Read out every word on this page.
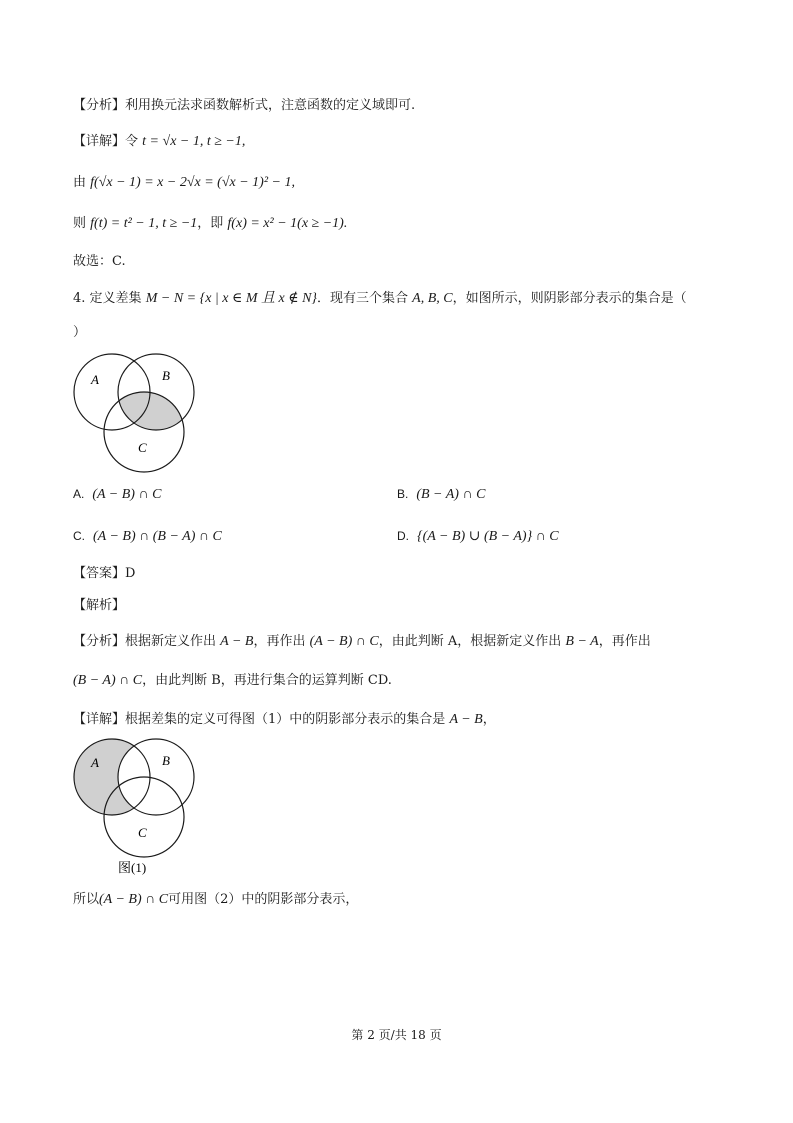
【分析】利用换元法求函数解析式，注意函数的定义域即可.
【详解】令 t = √x − 1, t ≥ −1,
由 f(√x − 1) = x − 2√x = (√x − 1)² − 1,
则 f(t) = t² − 1, t ≥ −1，即 f(x) = x² − 1(x ≥ −1).
故选：C.
4. 定义差集 M − N = {x | x ∈ M 且 x ∉ N}．现有三个集合 A, B, C，如图所示，则阴影部分表示的集合是（
）
A	B
C
A. (A − B) ∩ C	B. (B − A) ∩ C
C. (A − B) ∩ (B − A) ∩ C	D. {(A − B) ∪ (B − A)} ∩ C
【答案】D
【解析】
【分析】根据新定义作出 A − B，再作出 (A − B) ∩ C，由此判断 A，根据新定义作出 B − A，再作出
(B − A) ∩ C，由此判断 B，再进行集合的运算判断 CD.
【详解】根据差集的定义可得图（1）中的阴影部分表示的集合是 A − B，
A	B
C
图(1)
所以(A − B) ∩ C可用图（2）中的阴影部分表示，
第 2 页/共 18 页
